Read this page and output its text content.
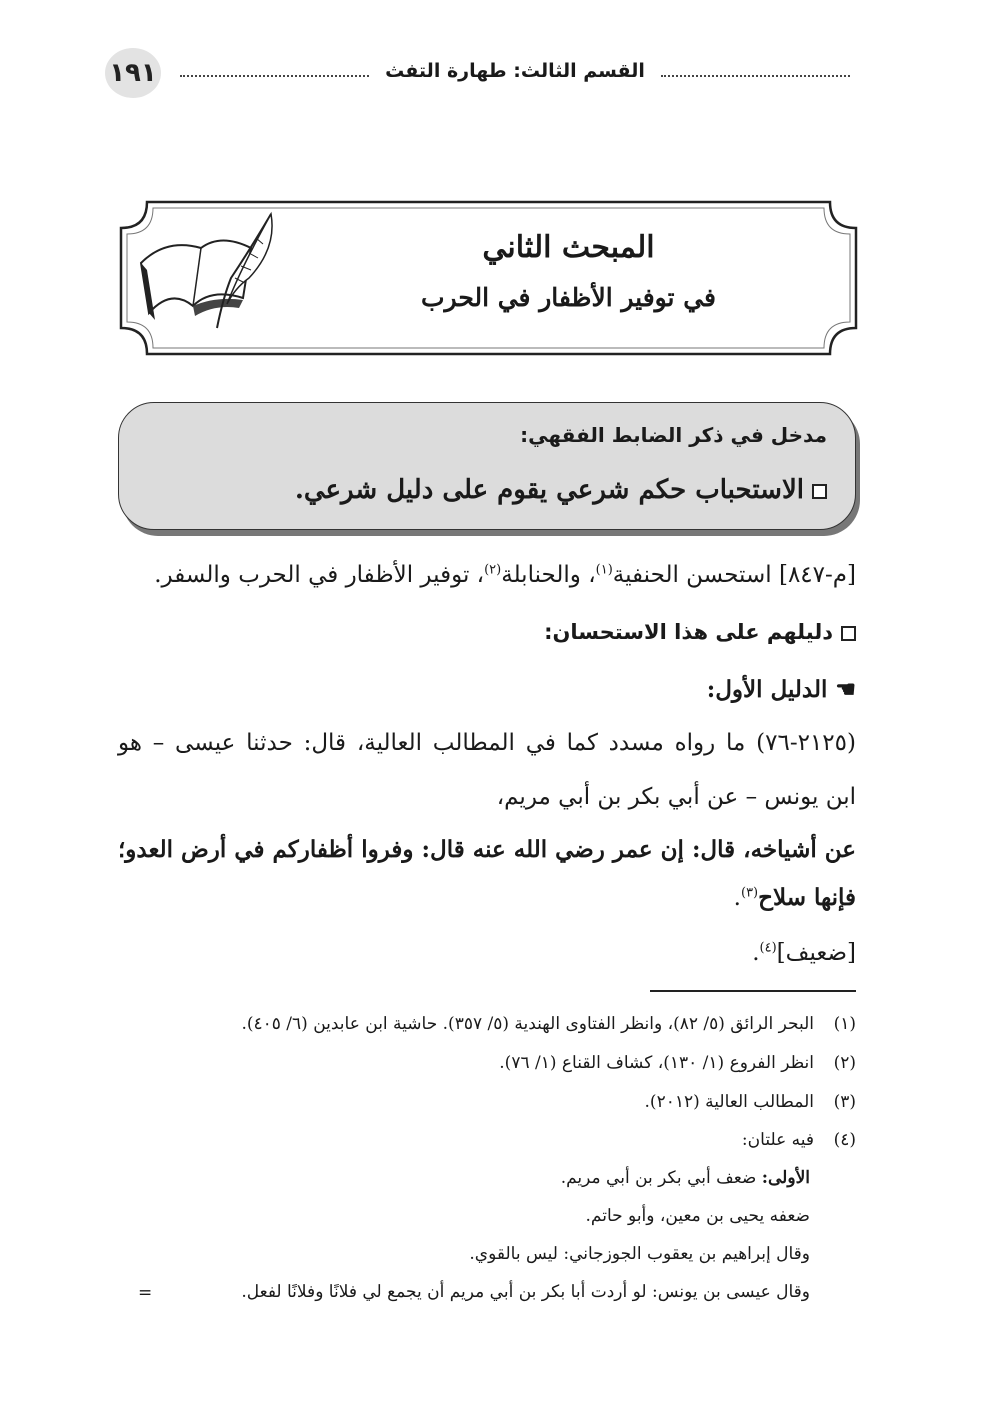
١٩١	القسم الثالث: طهارة التفث
المبحث الثاني
في توفير الأظفار في الحرب
مدخل في ذكر الضابط الفقهي:
الاستحباب حكم شرعي يقوم على دليل شرعي.
[م-٨٤٧] استحسن الحنفية$^{(١)}$، والحنابلة$^{(٢)}$، توفير الأظفار في الحرب والسفر.
دليلهم على هذا الاستحسان:
☚الدليل الأول:
(٢١٢٥-٧٦) ما رواه مسدد كما في المطالب العالية، قال: حدثنا عيسى – هو
ابن يونس – عن أبي بكر بن أبي مريم،
عن أشياخه، قال: إن عمر رضي الله عنه قال: وفروا أظفاركم في أرض العدو؛
فإنها سلاح$^{(٣)}$.
[ضعيف]$^{(٤)}$.
(١)البحر الرائق (٥/ ٨٢)، وانظر الفتاوى الهندية (٥/ ٣٥٧). حاشية ابن عابدين (٦/ ٤٠٥).
(٢)انظر الفروع (١/ ١٣٠)، كشاف القناع (١/ ٧٦).
(٣)المطالب العالية (٢٠١٢).
(٤)فيه علتان:
الأولى: ضعف أبي بكر بن أبي مريم.
ضعفه يحيى بن معين، وأبو حاتم.
وقال إبراهيم بن يعقوب الجوزجاني: ليس بالقوي.
وقال عيسى بن يونس: لو أردت أبا بكر بن أبي مريم أن يجمع لي فلانًا وفلانًا لفعل.
=
